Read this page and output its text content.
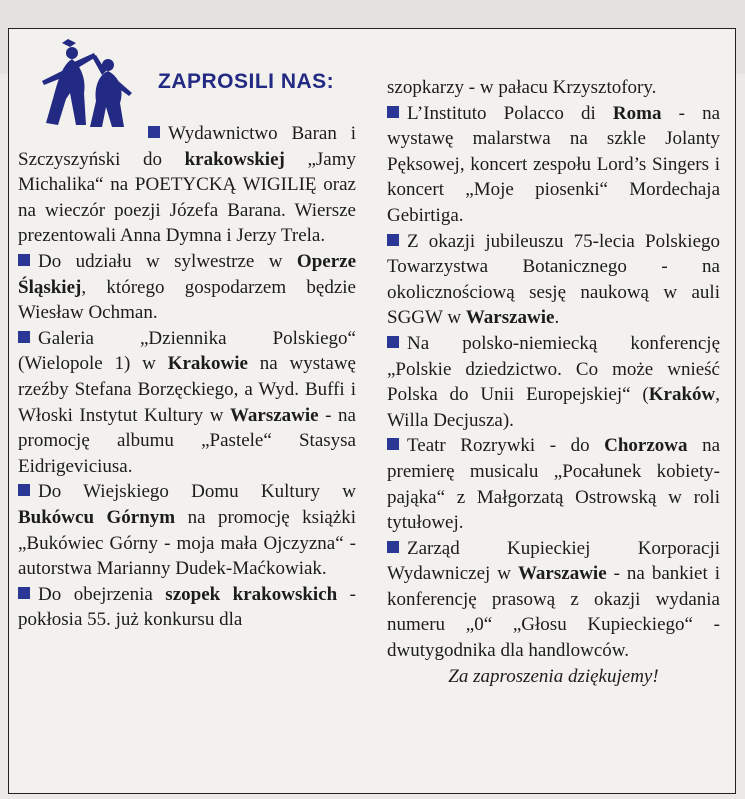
ZAPROSILI NAS:

Wydawnictwo Baran i Szczyszyński do krakowskiej „Jamy Michalika“ na POETYCKĄ WIGILIĘ oraz na wieczór poezji Józefa Barana. Wiersze prezentowali Anna Dymna i Jerzy Trela.

Do udziału w sylwestrze w Operze Śląskiej, którego gospodarzem będzie Wiesław Ochman.

Galeria „Dziennika Polskiego“ (Wielopole 1) w Krakowie na wystawę rzeźby Stefana Borzęckiego, a Wyd. Buffi i Włoski Instytut Kultury w Warszawie - na promocję albumu „Pastele“ Stasysa Eidrigeviciusa.

Do Wiejskiego Domu Kultury w Bukówcu Górnym na promocję książki „Bukówiec Górny - moja mała Ojczyzna“ - autorstwa Marianny Dudek-Maćkowiak.

Do obejrzenia szopek krakowskich - pokłosia 55. już konkursu dla

szopkarzy - w pałacu Krzysztofory.

L’Instituto Polacco di Roma - na wystawę malarstwa na szkle Jolanty Pęksowej, koncert zespołu Lord’s Singers i koncert „Moje piosenki“ Mordechaja Gebirtiga.

Z okazji jubileuszu 75-lecia Polskiego Towarzystwa Botanicznego - na okolicznościową sesję naukową w auli SGGW w Warszawie.

Na polsko-niemiecką konferencję „Polskie dziedzictwo. Co może wnieść Polska do Unii Europejskiej“ (Kraków, Willa Decjusza).

Teatr Rozrywki - do Chorzowa na premierę musicalu „Pocałunek kobiety-pająka“ z Małgorzatą Ostrowską w roli tytułowej.

Zarząd Kupieckiej Korporacji Wydawniczej w Warszawie - na bankiet i konferencję prasową z okazji wydania numeru „0“ „Głosu Kupieckiego“ - dwutygodnika dla handlowców.

Za zaproszenia dziękujemy!
